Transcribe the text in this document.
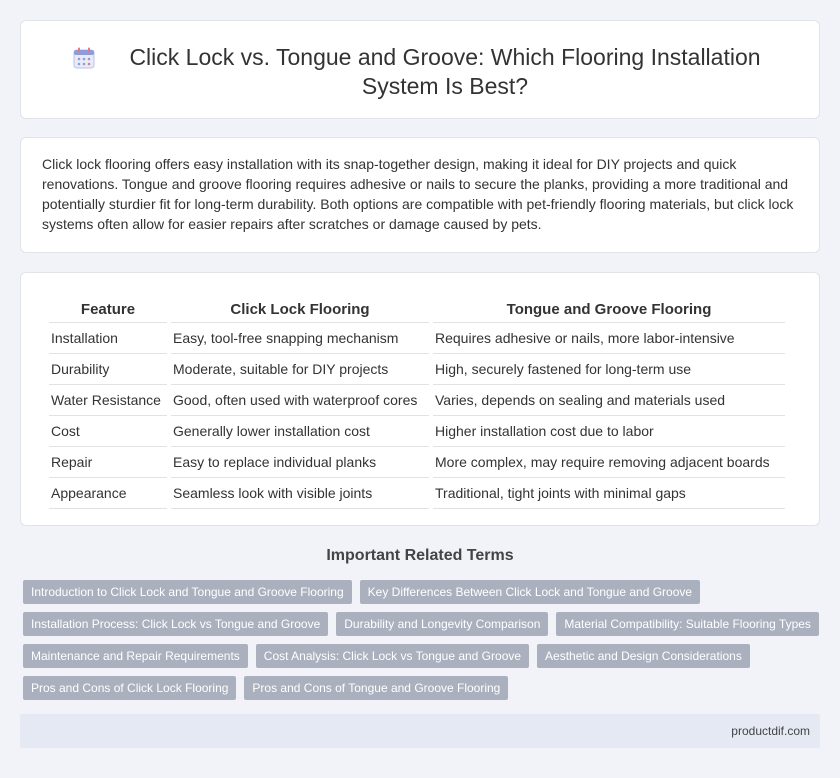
Click Lock vs. Tongue and Groove: Which Flooring Installation System Is Best?

Click lock flooring offers easy installation with its snap-together design, making it ideal for DIY projects and quick renovations. Tongue and groove flooring requires adhesive or nails to secure the planks, providing a more traditional and potentially sturdier fit for long-term durability. Both options are compatible with pet-friendly flooring materials, but click lock systems often allow for easier repairs after scratches or damage caused by pets.

Feature	Click Lock Flooring	Tongue and Groove Flooring
Installation	Easy, tool-free snapping mechanism	Requires adhesive or nails, more labor-intensive
Durability	Moderate, suitable for DIY projects	High, securely fastened for long-term use
Water Resistance	Good, often used with waterproof cores	Varies, depends on sealing and materials used
Cost	Generally lower installation cost	Higher installation cost due to labor
Repair	Easy to replace individual planks	More complex, may require removing adjacent boards
Appearance	Seamless look with visible joints	Traditional, tight joints with minimal gaps
Important Related Terms
Introduction to Click Lock and Tongue and Groove Flooring	Key Differences Between Click Lock and Tongue and Groove
Installation Process: Click Lock vs Tongue and Groove	Durability and Longevity Comparison	Material Compatibility: Suitable Flooring Types
Maintenance and Repair Requirements	Cost Analysis: Click Lock vs Tongue and Groove	Aesthetic and Design Considerations
Pros and Cons of Click Lock Flooring	Pros and Cons of Tongue and Groove Flooring
productdif.com
